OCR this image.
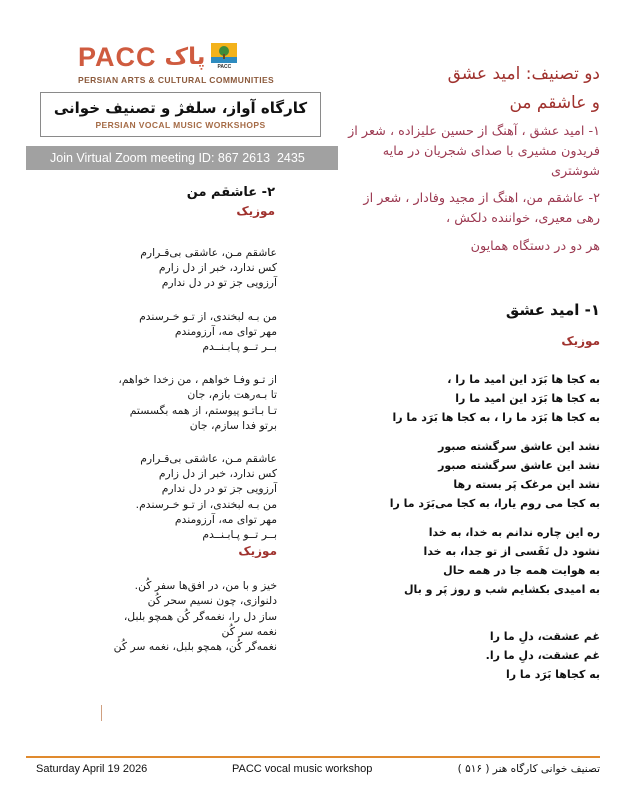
PACC پاک	PACC
PERSIAN ARTS & CULTURAL COMMUNITIES
کارگاه آواز، سلفژ و تصنیف خوانی
PERSIAN VOCAL MUSIC WORKSHOPS
Join Virtual Zoom meeting ID: 867 2613  2435
دو تصنیف: امید عشق
و عاشقم من

۱- امید عشق ، آهنگ از حسین علیزاده ، شعر از فریدون مشیری با صدای شجریان در مایه شوشتری

۲- عاشقم من، اهنگ از مجید وفادار ، شعر از رهی معیری، خواننده دلکش ،

هر دو در دستگاه همایون

۱- امید عشق
موزیک
به کجا ها بَرَد این امید ما را ،
به کجا ها بَرَد این امید ما را
به کجا ها بَرَد ما را ، به کجا ها بَرَد ما را
نشد این عاشق سرگشته صبور
نشد این عاشق سرگشته صبور
نشد این مرغک پَر بسته رها
به کجا می روم یارا، به کجا می‌بَرَد ما را
ره این چاره ندانم به خدا، به خدا
نشود دل نَفَسی از تو جدا، به خدا
به هوایت همه جا در همه حال
به امیدی بکشایم شب و روز پَر و بال
غم عشقت، دلِ ما را
غم عشقت، دلِ ما را.
به کجاها بَرَد ما را
۲- عاشقم من
موزیک
عاشقم مـن، عاشقی بی‌قـرارم
کس ندارد، خبر از دل زارم
آرزویی جز تو در دل ندارم
من بـه لبخندی، از تـو خـرسندم
مهر توای مه، آرزومندم
بــر تــو پـابـنــدم
از تـو وفـا خواهم ، من زخدا خواهم،
تا بـه‌رهت بازم، جان
تـا بـاتـو پیوستم، از همه بگسستم
برتو فدا سازم، جان
عاشقم مـن، عاشقی بی‌قـرارم
کس ندارد، خبر از دل زارم
آرزویی جز تو در دل ندارم
من بـه لبخندی، از تـو خـرسندم.
مهر توای مه، آرزومندم
بــر تــو پـابـنــدم
موزیک
خیز و با من، در افق‌ها سفر کُن.
دلنوازی، چون نسیم سحر کُن
ساز دل را، نغمه‌گر کُن همچو بلبل،
نغمه سر کُن
نغمه‌گر کُن، همچو بلبل، نغمه سر کُن
Saturday April 19 2026	PACC vocal music workshop	تصنیف خوانی کارگاه هنر ( ۵۱۶ )
